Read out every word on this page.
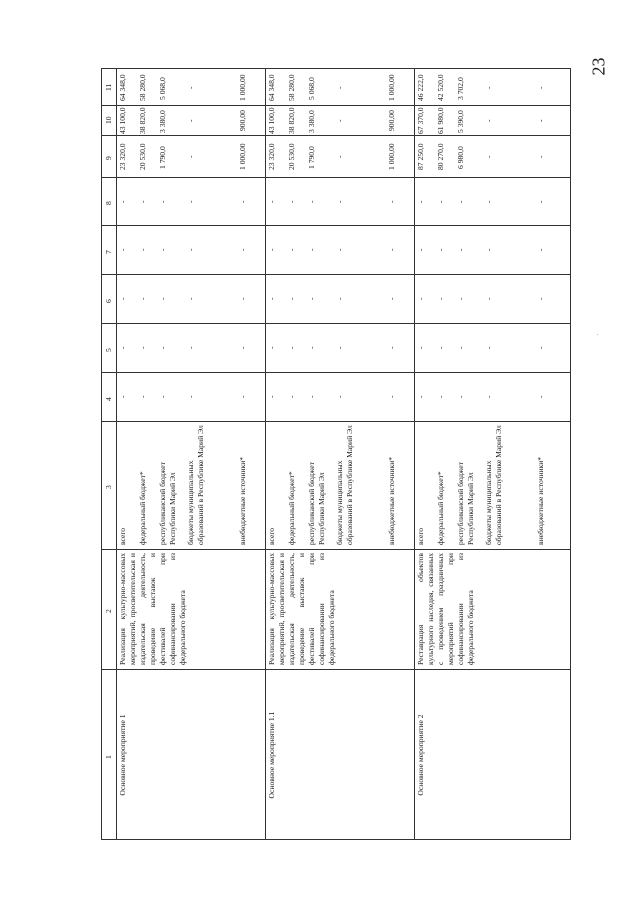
23
1
2
3
4
5
6
7
8
9
10
11
Основное мероприятие 1
Реализация культурно-массовых мероприятий, просветительская и издательская деятельность, проведение выставок и фестивалей при софинансировании из федерального бюджета
всего
-
-
-
-
-
23 320,0
43 100,0
64 348,0
федеральный бюджет*
-
-
-
-
-
20 530,0
38 820,0
58 280,0
республиканский бюджет Республики Марий Эл
-
-
-
-
-
1 790,0
3 380,0
5 068,0
бюджеты муниципальных образований в Республике Марий Эл
-
-
-
-
-
-
-
-
внебюджетные источники*
-
-
-
-
-
1 000,00
900,00
1 000,00
Основное мероприятие 1.1
Реализация культурно-массовых мероприятий, просветительская и издательская деятельность, проведение выставок и фестивалей при софинансировании из федерального бюджета
всего
-
-
-
-
-
23 320,0
43 100,0
64 348,0
федеральный бюджет*
-
-
-
-
-
20 530,0
38 820,0
58 280,0
республиканский бюджет Республики Марий Эл
-
-
-
-
-
1 790,0
3 380,0
5 068,0
бюджеты муниципальных образований в Республике Марий Эл
-
-
-
-
-
-
-
-
внебюджетные источники*
-
-
-
-
-
1 000,00
900,00
1 000,00
Основное мероприятие 2
Реставрация объектов культурного наследия, связанных с проведением праздничных мероприятий при софинансировании из федерального бюджета
всего
-
-
-
-
-
87 250,0
67 370,0
46 222,0
федеральный бюджет*
-
-
-
-
-
80 270,0
61 980,0
42 520,0
республиканский бюджет Республики Марий Эл
-
-
-
-
-
6 980,0
5 390,0
3 702,0
бюджеты муниципальных образований в Республике Марий Эл
-
-
-
-
-
-
-
-
внебюджетные источники*
-
-
-
-
-
-
-
-
